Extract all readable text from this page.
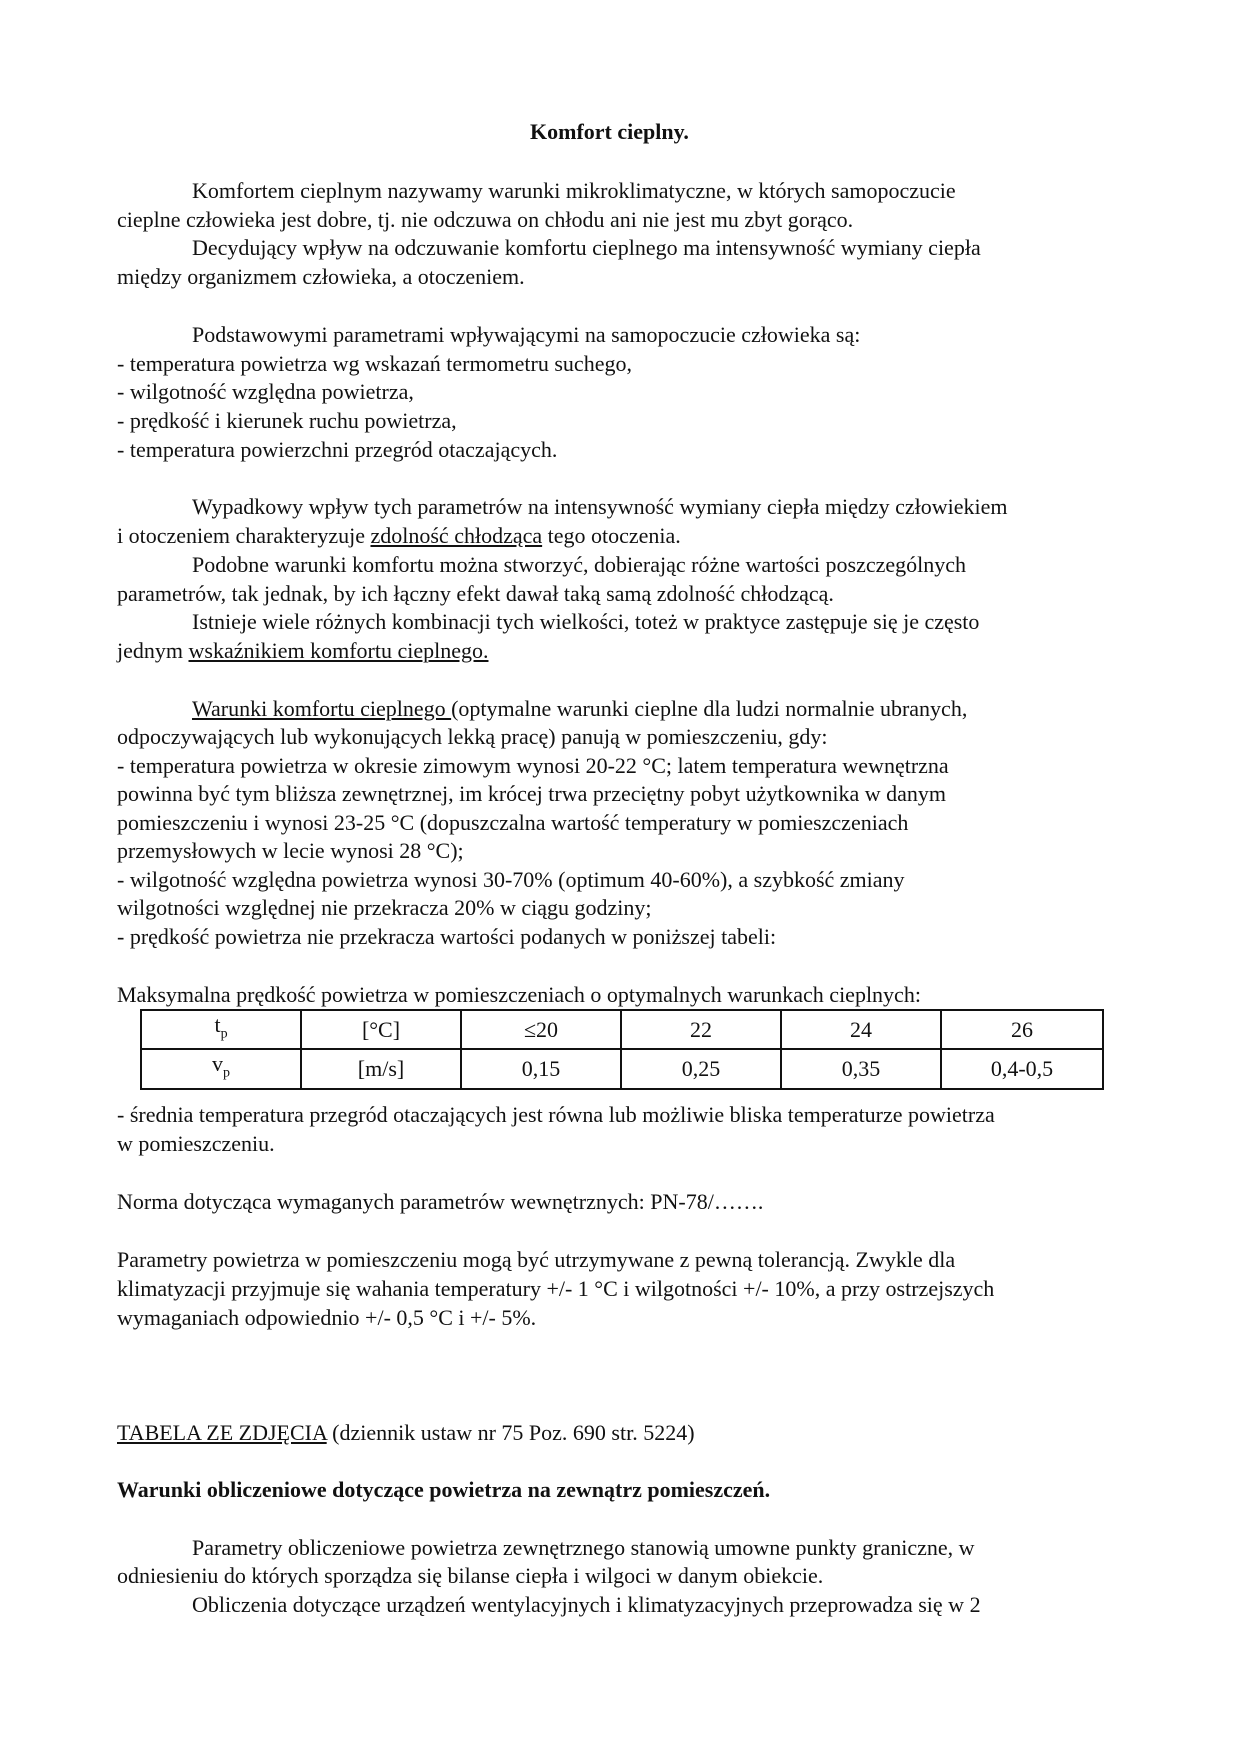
Komfort cieplny.
Komfortem cieplnym nazywamy warunki mikroklimatyczne, w których samopoczucie
cieplne człowieka jest dobre, tj. nie odczuwa on chłodu ani nie jest mu zbyt gorąco.
Decydujący wpływ na odczuwanie komfortu cieplnego ma intensywność wymiany ciepła
między organizmem człowieka, a otoczeniem.
Podstawowymi parametrami wpływającymi na samopoczucie człowieka są:
- temperatura powietrza wg wskazań termometru suchego,
- wilgotność względna powietrza,
- prędkość i kierunek ruchu powietrza,
- temperatura powierzchni przegród otaczających.
Wypadkowy wpływ tych parametrów na intensywność wymiany ciepła między człowiekiem
i otoczeniem charakteryzuje zdolność chłodząca tego otoczenia.
Podobne warunki komfortu można stworzyć, dobierając różne wartości poszczególnych
parametrów, tak jednak, by ich łączny efekt dawał taką samą zdolność chłodzącą.
Istnieje wiele różnych kombinacji tych wielkości, toteż w praktyce zastępuje się je często
jednym wskaźnikiem komfortu cieplnego.
Warunki komfortu cieplnego (optymalne warunki cieplne dla ludzi normalnie ubranych,
odpoczywających lub wykonujących lekką pracę) panują w pomieszczeniu, gdy:
- temperatura powietrza w okresie zimowym wynosi 20-22 °C; latem temperatura wewnętrzna
powinna być tym bliższa zewnętrznej, im krócej trwa przeciętny pobyt użytkownika w danym
pomieszczeniu i wynosi 23-25 °C (dopuszczalna wartość temperatury w pomieszczeniach
przemysłowych w lecie wynosi 28 °C);
- wilgotność względna powietrza wynosi 30-70% (optimum 40-60%), a szybkość zmiany
wilgotności względnej nie przekracza 20% w ciągu godziny;
- prędkość powietrza nie przekracza wartości podanych w poniższej tabeli:
Maksymalna prędkość powietrza w pomieszczeniach o optymalnych warunkach cieplnych:
$t_p$	[°C]	≤20	22	24	26
$v_p$	[m/s]	0,15	0,25	0,35	0,4-0,5
- średnia temperatura przegród otaczających jest równa lub możliwie bliska temperaturze powietrza
w pomieszczeniu.
Norma dotycząca wymaganych parametrów wewnętrznych: PN-78/…….
Parametry powietrza w pomieszczeniu mogą być utrzymywane z pewną tolerancją. Zwykle dla
klimatyzacji przyjmuje się wahania temperatury +/- 1 °C i wilgotności +/- 10%, a przy ostrzejszych
wymaganiach odpowiednio +/- 0,5 °C i +/- 5%.
TABELA ZE ZDJĘCIA (dziennik ustaw nr 75 Poz. 690 str. 5224)
Warunki obliczeniowe dotyczące powietrza na zewnątrz pomieszczeń.
Parametry obliczeniowe powietrza zewnętrznego stanowią umowne punkty graniczne, w
odniesieniu do których sporządza się bilanse ciepła i wilgoci w danym obiekcie.
Obliczenia dotyczące urządzeń wentylacyjnych i klimatyzacyjnych przeprowadza się w 2
